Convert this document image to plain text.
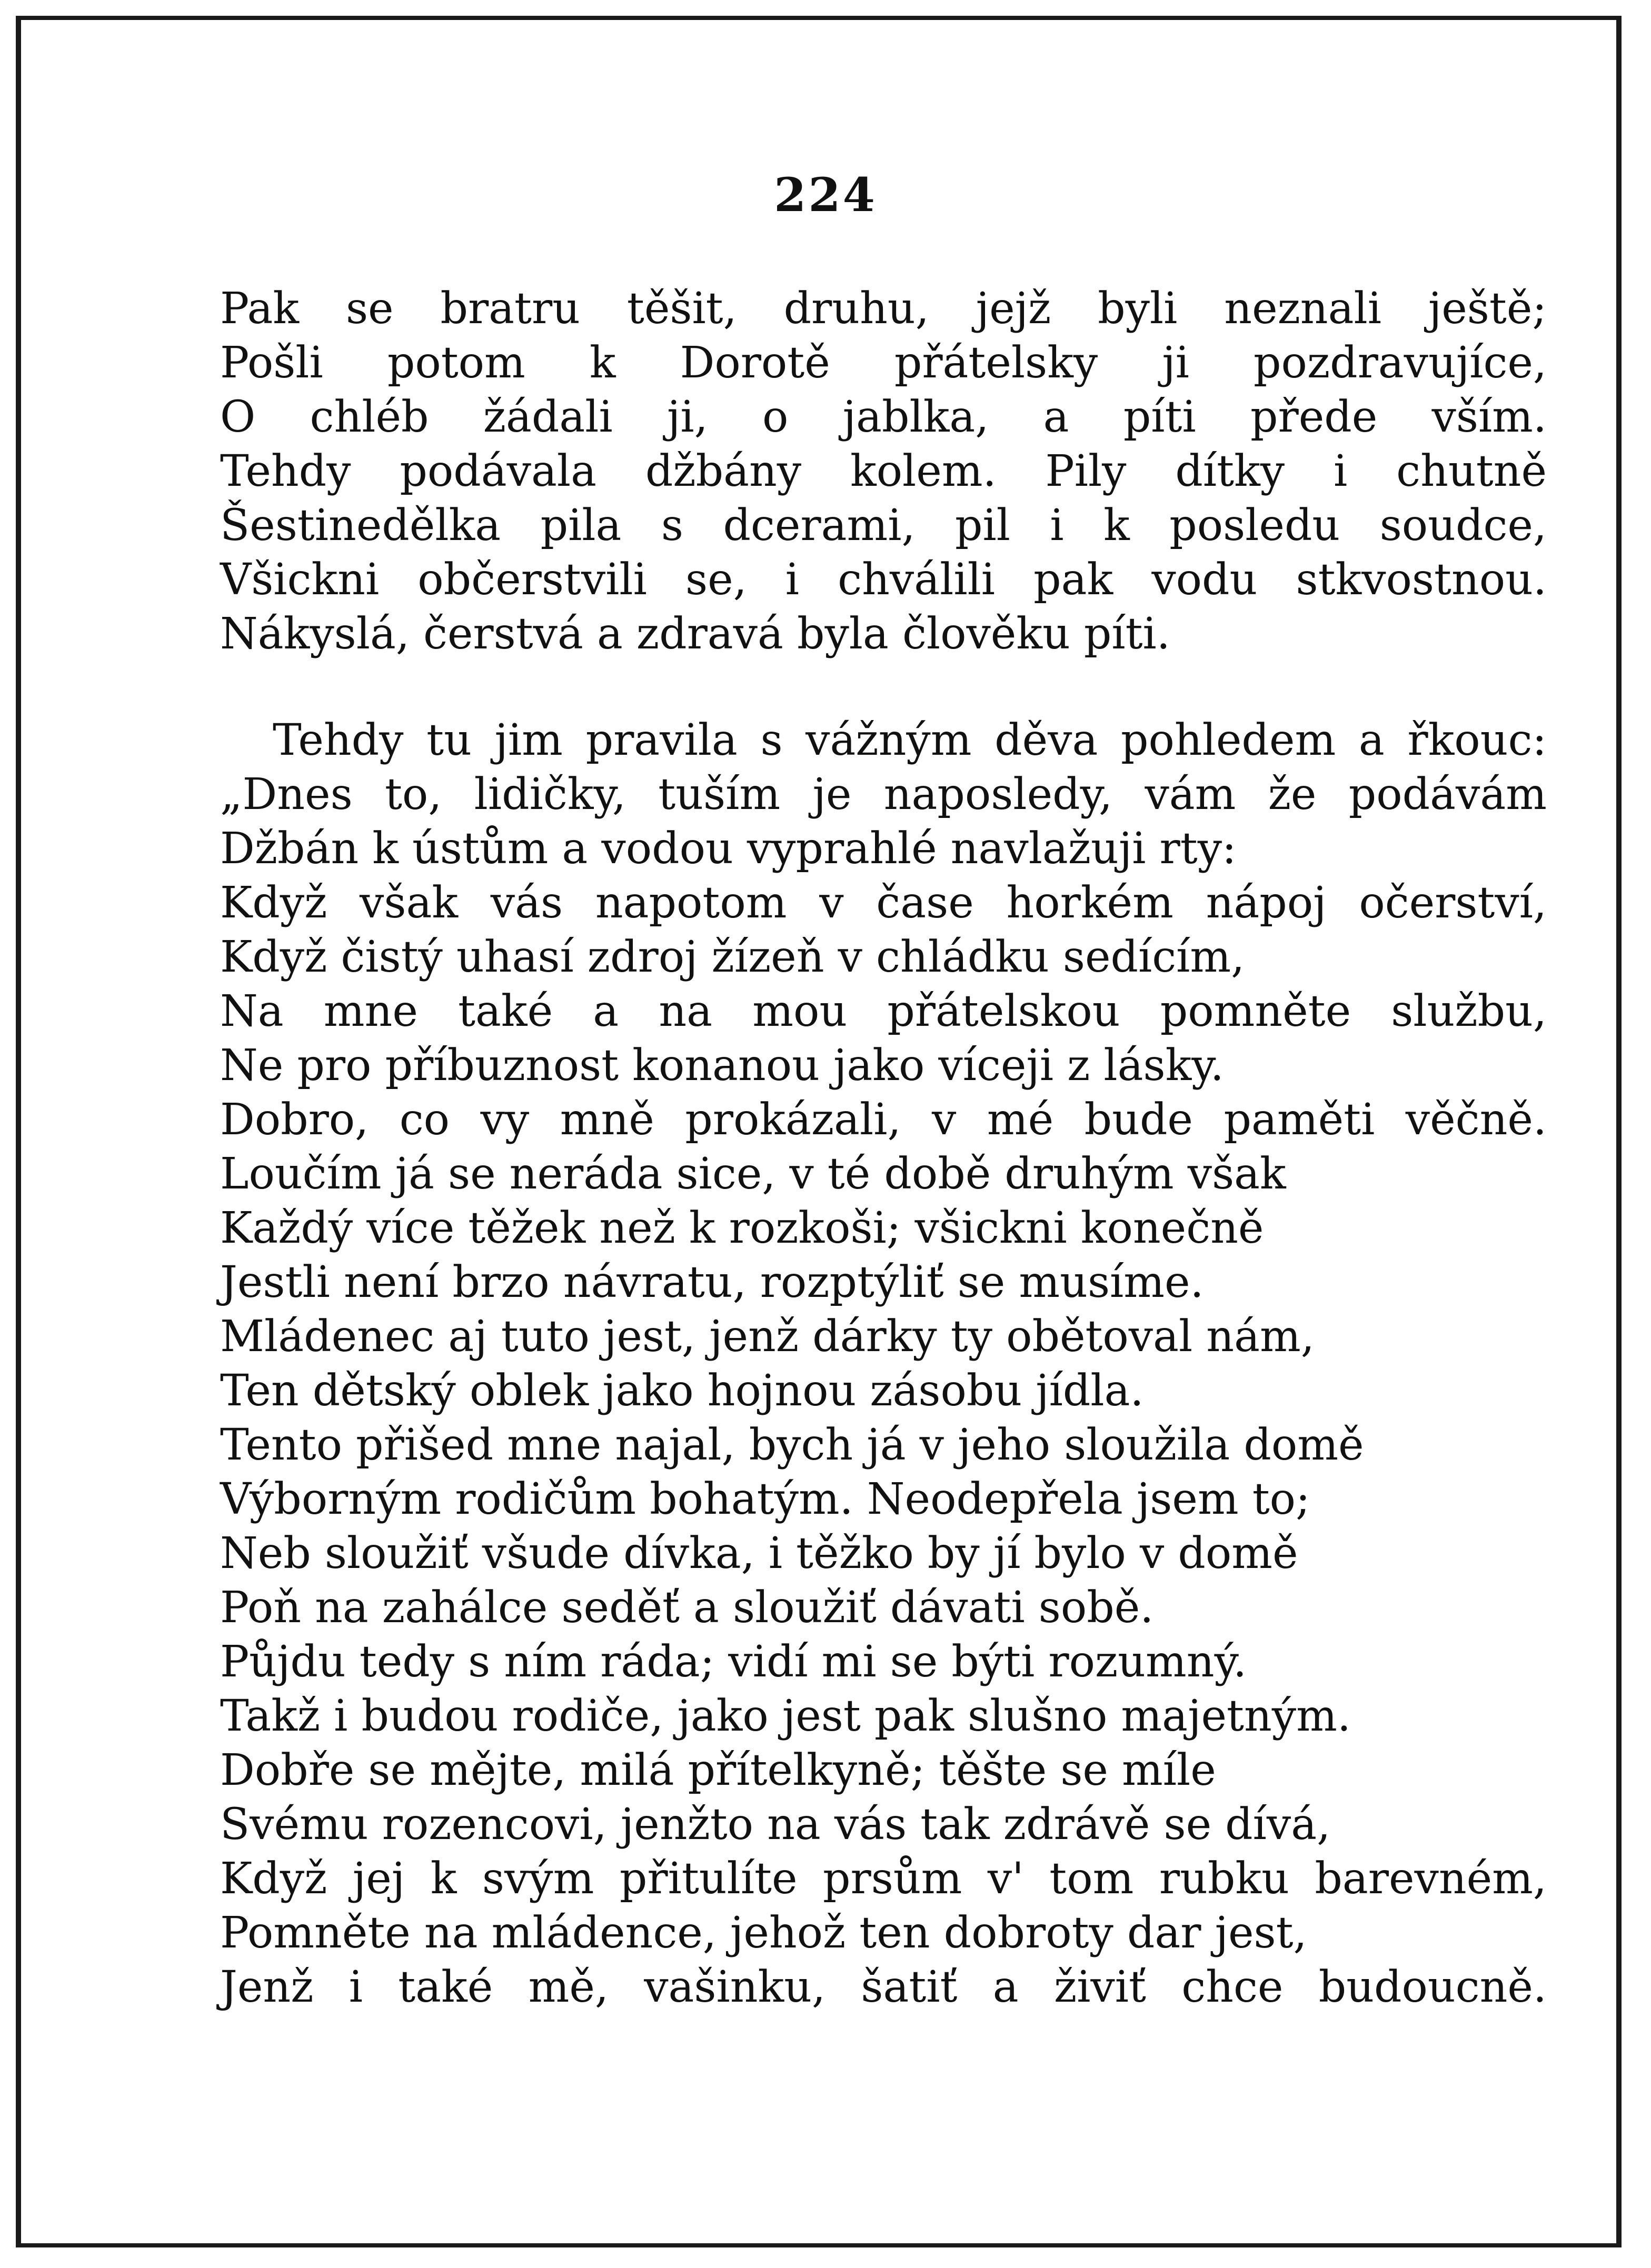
224
Pak se bratru těšit, druhu, jejž byli neznali ještě;
Pošli potom k Dorotě přátelsky ji pozdravujíce,
O chléb žádali ji, o jablka, a píti přede vším.
Tehdy podávala džbány kolem. Pily dítky i chutně
Šestinedělka pila s dcerami, pil i k posledu soudce,
Všickni občerstvili se, i chválili pak vodu stkvostnou.
Nákyslá, čerstvá a zdravá byla člověku píti.
Tehdy tu jim pravila s vážným děva pohledem a řkouc:
„Dnes to, lidičky, tuším je naposledy, vám že podávám
Džbán k ústům a vodou vyprahlé navlažuji rty:
Když však vás napotom v čase horkém nápoj očerství,
Když čistý uhasí zdroj žízeň v chládku sedícím,
Na mne také a na mou přátelskou pomněte službu,
Ne pro příbuznost konanou jako víceji z lásky.
Dobro, co vy mně prokázali, v mé bude paměti věčně.
Loučím já se neráda sice, v té době druhým však
Každý více těžek než k rozkoši; všickni konečně
Jestli není brzo návratu, rozptýliť se musíme.
Mládenec aj tuto jest, jenž dárky ty obětoval nám,
Ten dětský oblek jako hojnou zásobu jídla.
Tento přišed mne najal, bych já v jeho sloužila domě
Výborným rodičům bohatým. Neodepřela jsem to;
Neb sloužiť všude dívka, i těžko by jí bylo v domě
Poň na zahálce seděť a sloužiť dávati sobě.
Půjdu tedy s ním ráda; vidí mi se býti rozumný.
Takž i budou rodiče, jako jest pak slušno majetným.
Dobře se mějte, milá přítelkyně; těšte se míle
Svému rozencovi, jenžto na vás tak zdrávě se dívá,
Když jej k svým přitulíte prsům v' tom rubku barevném,
Pomněte na mládence, jehož ten dobroty dar jest,
Jenž i také mě, vašinku, šatiť a živiť chce budoucně.
